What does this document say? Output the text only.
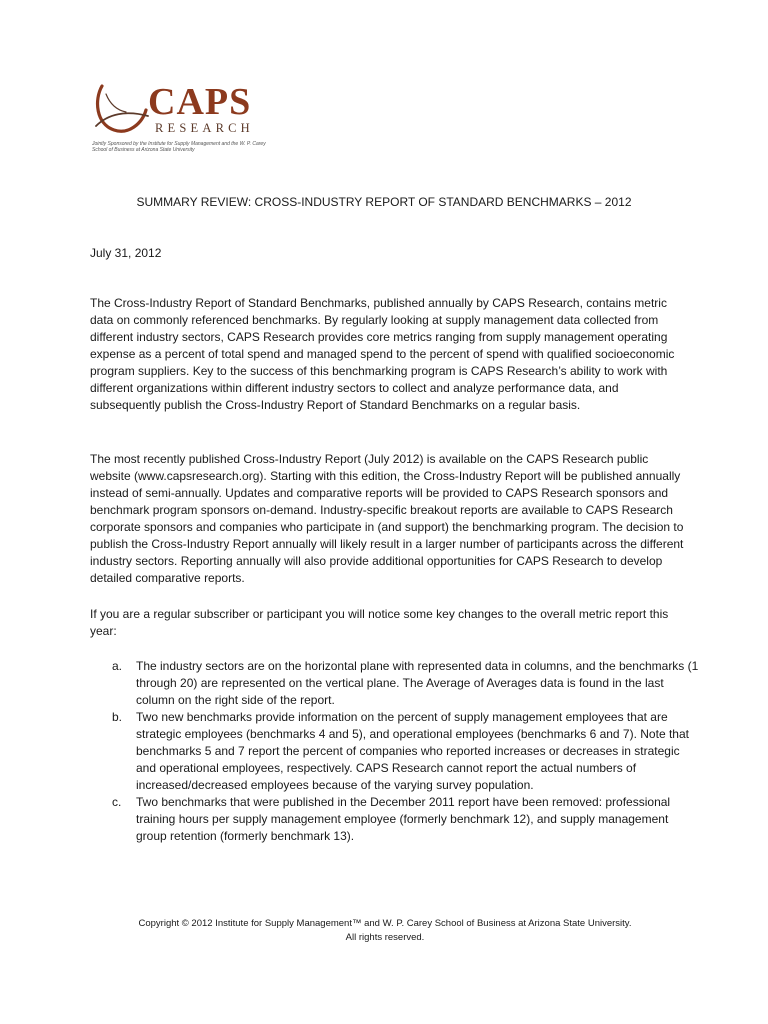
CAPS
RESEARCH
Jointly Sponsored by the Institute for Supply Management and the W. P. Carey School of Business at Arizona State University
SUMMARY REVIEW: CROSS-INDUSTRY REPORT OF STANDARD BENCHMARKS – 2012
July 31, 2012
The Cross-Industry Report of Standard Benchmarks, published annually by CAPS Research, contains metric data on commonly referenced benchmarks. By regularly looking at supply management data collected from different industry sectors, CAPS Research provides core metrics ranging from supply management operating expense as a percent of total spend and managed spend to the percent of spend with qualified socioeconomic program suppliers. Key to the success of this benchmarking program is CAPS Research’s ability to work with different organizations within different industry sectors to collect and analyze performance data, and subsequently publish the Cross-Industry Report of Standard Benchmarks on a regular basis.
The most recently published Cross-Industry Report (July 2012) is available on the CAPS Research public website (www.capsresearch.org). Starting with this edition, the Cross-Industry Report will be published annually instead of semi-annually. Updates and comparative reports will be provided to CAPS Research sponsors and benchmark program sponsors on-demand. Industry-specific breakout reports are available to CAPS Research corporate sponsors and companies who participate in (and support) the benchmarking program. The decision to publish the Cross-Industry Report annually will likely result in a larger number of participants across the different industry sectors. Reporting annually will also provide additional opportunities for CAPS Research to develop detailed comparative reports.
If you are a regular subscriber or participant you will notice some key changes to the overall metric report this year:
a.	The industry sectors are on the horizontal plane with represented data in columns, and the benchmarks (1 through 20) are represented on the vertical plane. The Average of Averages data is found in the last column on the right side of the report.
b.	Two new benchmarks provide information on the percent of supply management employees that are strategic employees (benchmarks 4 and 5), and operational employees (benchmarks 6 and 7). Note that benchmarks 5 and 7 report the percent of companies who reported increases or decreases in strategic and operational employees, respectively. CAPS Research cannot report the actual numbers of increased/decreased employees because of the varying survey population.
c.	Two benchmarks that were published in the December 2011 report have been removed: professional training hours per supply management employee (formerly benchmark 12), and supply management group retention (formerly benchmark 13).
Copyright © 2012 Institute for Supply Management™ and W. P. Carey School of Business at Arizona State University.
All rights reserved.
